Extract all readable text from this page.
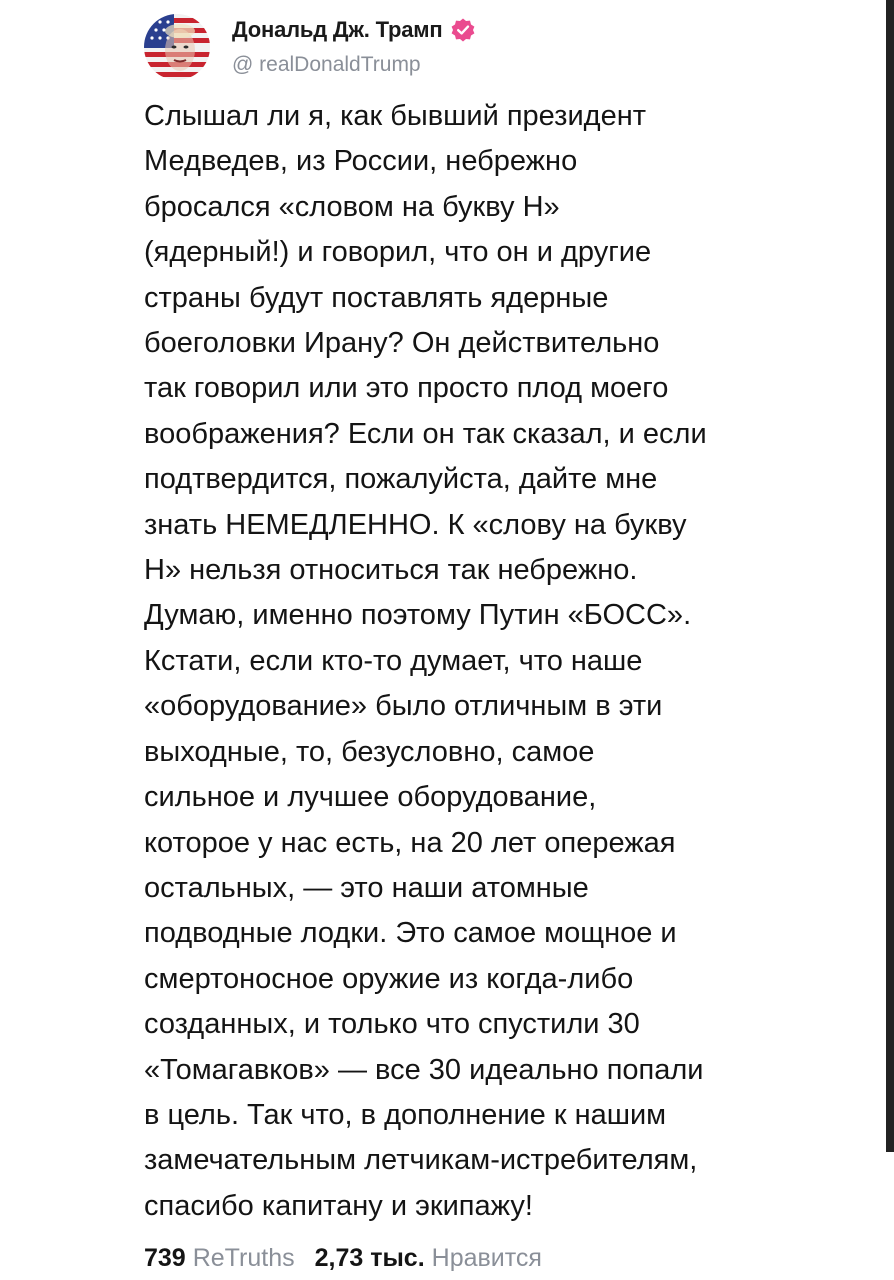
Дональд Дж. Трамп
@ realDonaldTrump
Слышал ли я, как бывший президент
Медведев, из России, небрежно
бросался «словом на букву Н»
(ядерный!) и говорил, что он и другие
страны будут поставлять ядерные
боеголовки Ирану? Он действительно
так говорил или это просто плод моего
воображения? Если он так сказал, и если
подтвердится, пожалуйста, дайте мне
знать НЕМЕДЛЕННО. К «слову на букву
Н» нельзя относиться так небрежно.
Думаю, именно поэтому Путин «БОСС».
Кстати, если кто-то думает, что наше
«оборудование» было отличным в эти
выходные, то, безусловно, самое
сильное и лучшее оборудование,
которое у нас есть, на 20 лет опережая
остальных, — это наши атомные
подводные лодки. Это самое мощное и
смертоносное оружие из когда-либо
созданных, и только что спустили 30
«Томагавков» — все 30 идеально попали
в цель. Так что, в дополнение к нашим
замечательным летчикам-истребителям,
спасибо капитану и экипажу!
739 ReTruths 2,73 тыс. Нравится
